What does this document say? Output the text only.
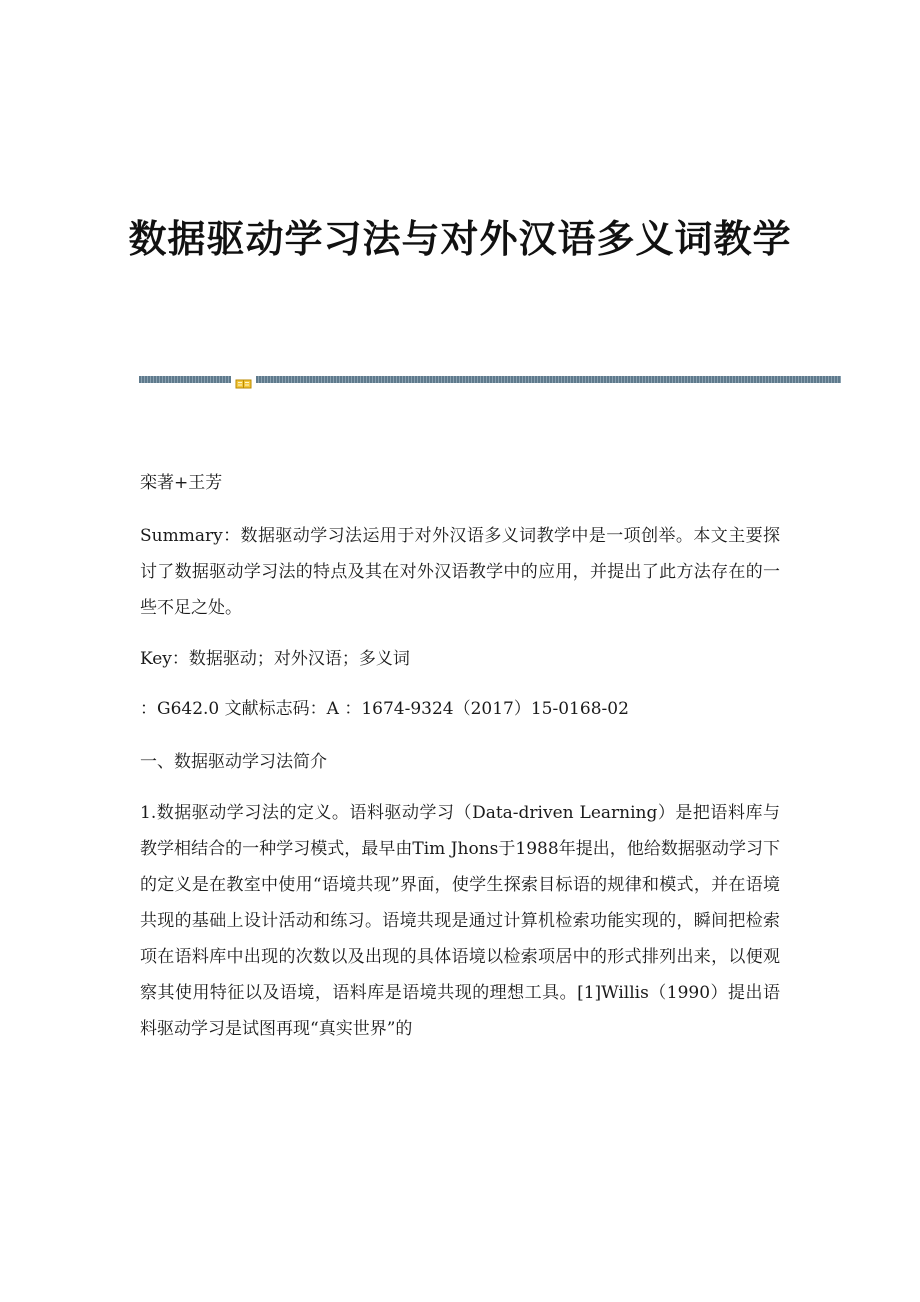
数据驱动学习法与对外汉语多义词教学

栾著+王芳

Summary：数据驱动学习法运用于对外汉语多义词教学中是一项创举。本文主要探讨了数据驱动学习法的特点及其在对外汉语教学中的应用，并提出了此方法存在的一些不足之处。

Key：数据驱动；对外汉语；多义词

：G642.0 文献标志码：A ：1674-9324（2017）15-0168-02

一、数据驱动学习法简介

1.数据驱动学习法的定义。语料驱动学习（Data-driven Learning）是把语料库与教学相结合的一种学习模式，最早由Tim Jhons于1988年提出，他给数据驱动学习下的定义是在教室中使用“语境共现”界面，使学生探索目标语的规律和模式，并在语境共现的基础上设计活动和练习。语境共现是通过计算机检索功能实现的，瞬间把检索项在语料库中出现的次数以及出现的具体语境以检索项居中的形式排列出来，以便观察其使用特征以及语境，语料库是语境共现的理想工具。[1]Willis（1990）提出语料驱动学习是试图再现“真实世界”的
